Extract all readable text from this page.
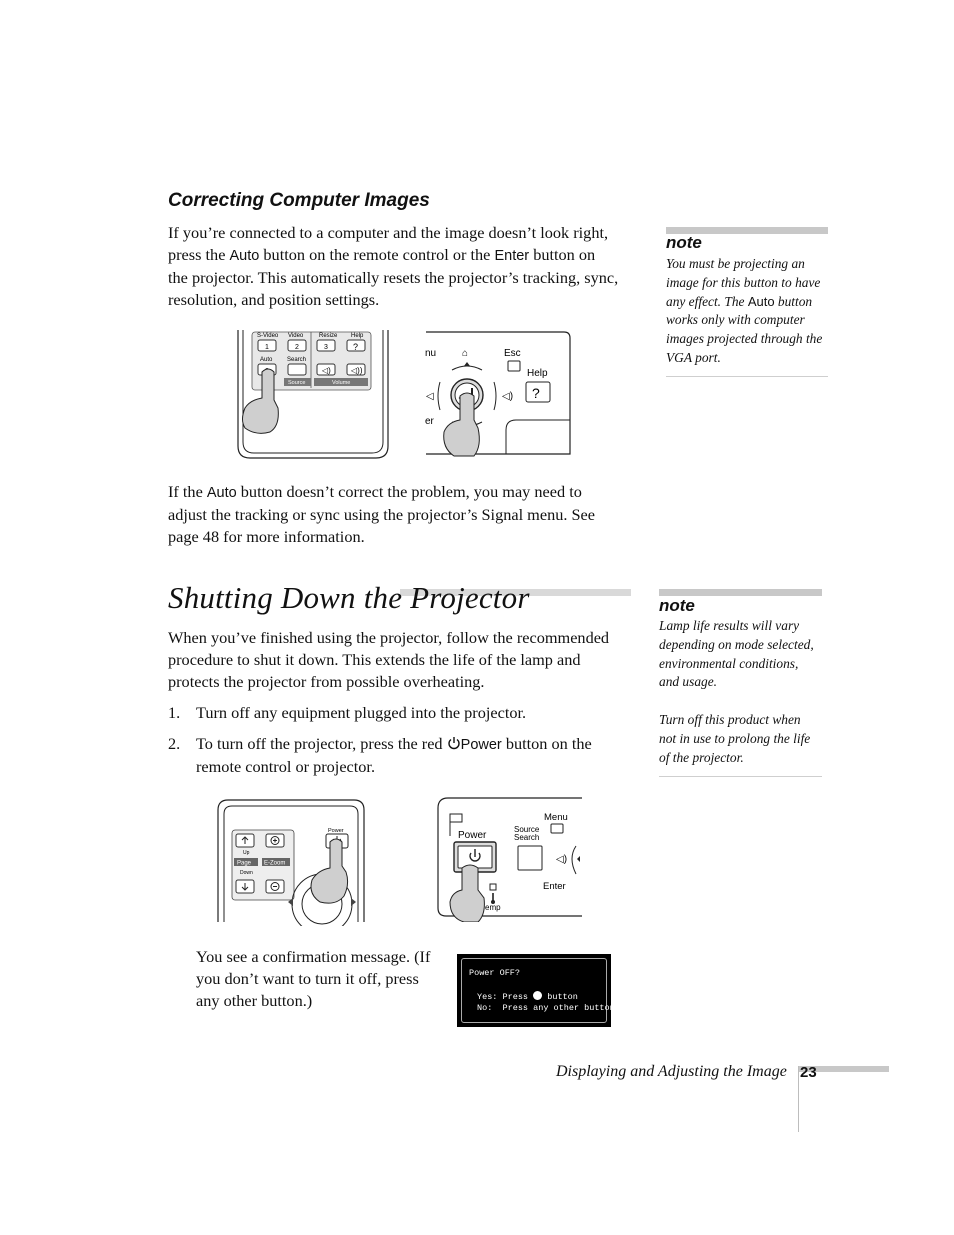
Correcting Computer Images
If you’re connected to a computer and the image doesn’t look right,
press the Auto button on the remote control or the Enter button on
the projector. This automatically resets the projector’s tracking, sync,
resolution, and position settings.
note
You must be projecting an
image for this button to have
any effect. The Auto button
works only with computer
images projected through the
VGA port.
S-Video Video	Resize Help
1	2	3	?
Auto Search
◁)	◁))
Source	Volume
nu	⌂	Esc
Help
?
◁	◁)
er
If the Auto button doesn’t correct the problem, you may need to
adjust the tracking or sync using the projector’s Signal menu. See
page 48 for more information.
Shutting Down the Projector	note
Lamp life results will vary
depending on mode selected,
environmental conditions,
and usage.
Turn off this product when
not in use to prolong the life
of the projector.
When you’ve finished using the projector, follow the recommended
procedure to shut it down. This extends the life of the lamp and
protects the projector from possible overheating.
1. Turn off any equipment plugged into the projector.
2. To turn off the projector, press the red Power button on the
remote control or projector.
Up
Page E-Zoom
Down
Power
Menu
Power
Source
Search
◁)
Enter
emp
You see a confirmation message. (If
you don’t want to turn it off, press
any other button.)
Power OFF?
Yes: Press button
No: Press any other button
Displaying and Adjusting the Image 23
